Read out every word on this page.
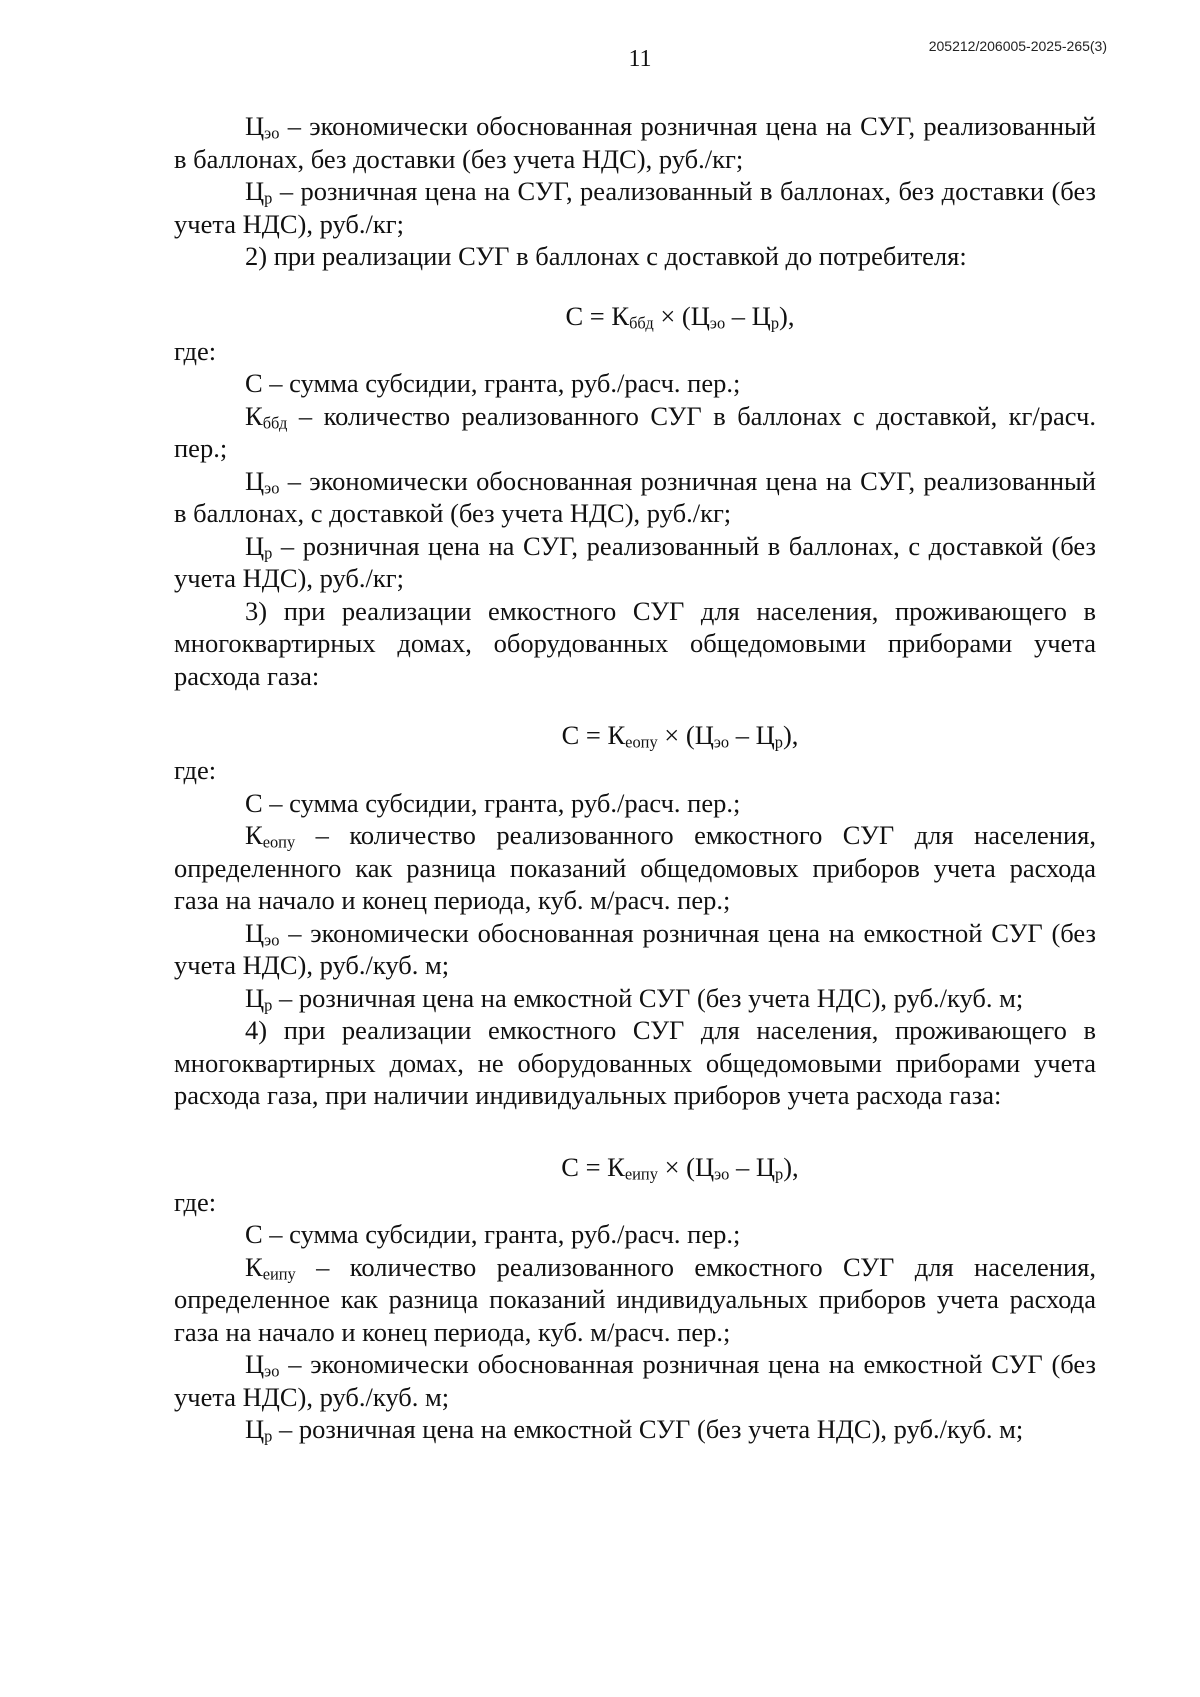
205212/206005-2025-265(3)
11

$Ц_{эо}$ – экономически обоснованная розничная цена на СУГ, реализованный в баллонах, без доставки (без учета НДС), руб./кг;

$Ц_р$ – розничная цена на СУГ, реализованный в баллонах, без доставки (без учета НДС), руб./кг;

2) при реализации СУГ в баллонах с доставкой до потребителя:

$С = К_{ббд} \times (Ц_{эо} - Ц_р)$,

где:

С – сумма субсидии, гранта, руб./расч. пер.;

$К_{ббд}$ – количество реализованного СУГ в баллонах с доставкой, кг/расч. пер.;

$Ц_{эо}$ – экономически обоснованная розничная цена на СУГ, реализованный в баллонах, с доставкой (без учета НДС), руб./кг;

$Ц_р$ – розничная цена на СУГ, реализованный в баллонах, с доставкой (без учета НДС), руб./кг;

3) при реализации емкостного СУГ для населения, проживающего в многоквартирных домах, оборудованных общедомовыми приборами учета расхода газа:

$С = К_{еопу} \times (Ц_{эо} - Ц_р)$,

где:

С – сумма субсидии, гранта, руб./расч. пер.;

$К_{еопу}$ – количество реализованного емкостного СУГ для населения, определенного как разница показаний общедомовых приборов учета расхода газа на начало и конец периода, куб. м/расч. пер.;

$Ц_{эо}$ – экономически обоснованная розничная цена на емкостной СУГ (без учета НДС), руб./куб. м;

$Ц_р$ – розничная цена на емкостной СУГ (без учета НДС), руб./куб. м;

4) при реализации емкостного СУГ для населения, проживающего в многоквартирных домах, не оборудованных общедомовыми приборами учета расхода газа, при наличии индивидуальных приборов учета расхода газа:

$С = К_{еипу} \times (Ц_{эо} - Ц_р)$,

где:

С – сумма субсидии, гранта, руб./расч. пер.;

$К_{еипу}$ – количество реализованного емкостного СУГ для населения, определенное как разница показаний индивидуальных приборов учета расхода газа на начало и конец периода, куб. м/расч. пер.;

$Ц_{эо}$ – экономически обоснованная розничная цена на емкостной СУГ (без учета НДС), руб./куб. м;

$Ц_р$ – розничная цена на емкостной СУГ (без учета НДС), руб./куб. м;
